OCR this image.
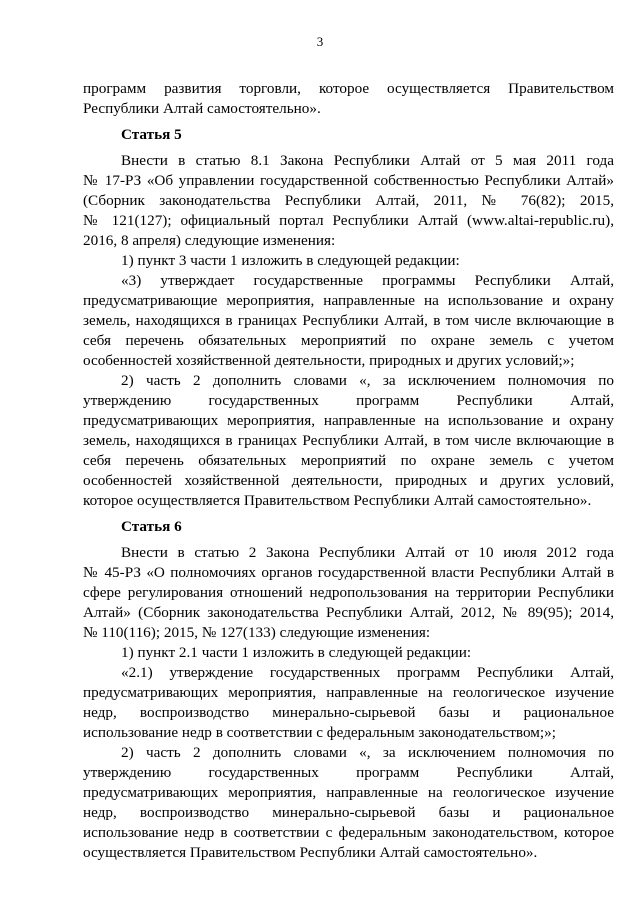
3
программ развития торговли, которое осуществляется Правительством
Республики Алтай самостоятельно».
Статья 5
Внести в статью 8.1 Закона Республики Алтай от 5 мая 2011 года
№ 17-РЗ «Об управлении государственной собственностью Республики Алтай»
(Сборник законодательства Республики Алтай, 2011, № 76(82); 2015,
№ 121(127); официальный портал Республики Алтай (www.altai-republic.ru),
2016, 8 апреля) следующие изменения:
1) пункт 3 части 1 изложить в следующей редакции:
«3) утверждает государственные программы Республики Алтай,
предусматривающие мероприятия, направленные на использование и охрану
земель, находящихся в границах Республики Алтай, в том числе включающие в
себя перечень обязательных мероприятий по охране земель с учетом
особенностей хозяйственной деятельности, природных и других условий;»;
2) часть 2 дополнить словами «, за исключением полномочия по
утверждению государственных программ Республики Алтай,
предусматривающих мероприятия, направленные на использование и охрану
земель, находящихся в границах Республики Алтай, в том числе включающие в
себя перечень обязательных мероприятий по охране земель с учетом
особенностей хозяйственной деятельности, природных и других условий,
которое осуществляется Правительством Республики Алтай самостоятельно».
Статья 6
Внести в статью 2 Закона Республики Алтай от 10 июля 2012 года
№ 45-РЗ «О полномочиях органов государственной власти Республики Алтай в
сфере регулирования отношений недропользования на территории Республики
Алтай» (Сборник законодательства Республики Алтай, 2012, № 89(95); 2014,
№ 110(116); 2015, № 127(133) следующие изменения:
1) пункт 2.1 части 1 изложить в следующей редакции:
«2.1) утверждение государственных программ Республики Алтай,
предусматривающих мероприятия, направленные на геологическое изучение
недр, воспроизводство минерально-сырьевой базы и рациональное
использование недр в соответствии с федеральным законодательством;»;
2) часть 2 дополнить словами «, за исключением полномочия по
утверждению государственных программ Республики Алтай,
предусматривающих мероприятия, направленные на геологическое изучение
недр, воспроизводство минерально-сырьевой базы и рациональное
использование недр в соответствии с федеральным законодательством, которое
осуществляется Правительством Республики Алтай самостоятельно».
